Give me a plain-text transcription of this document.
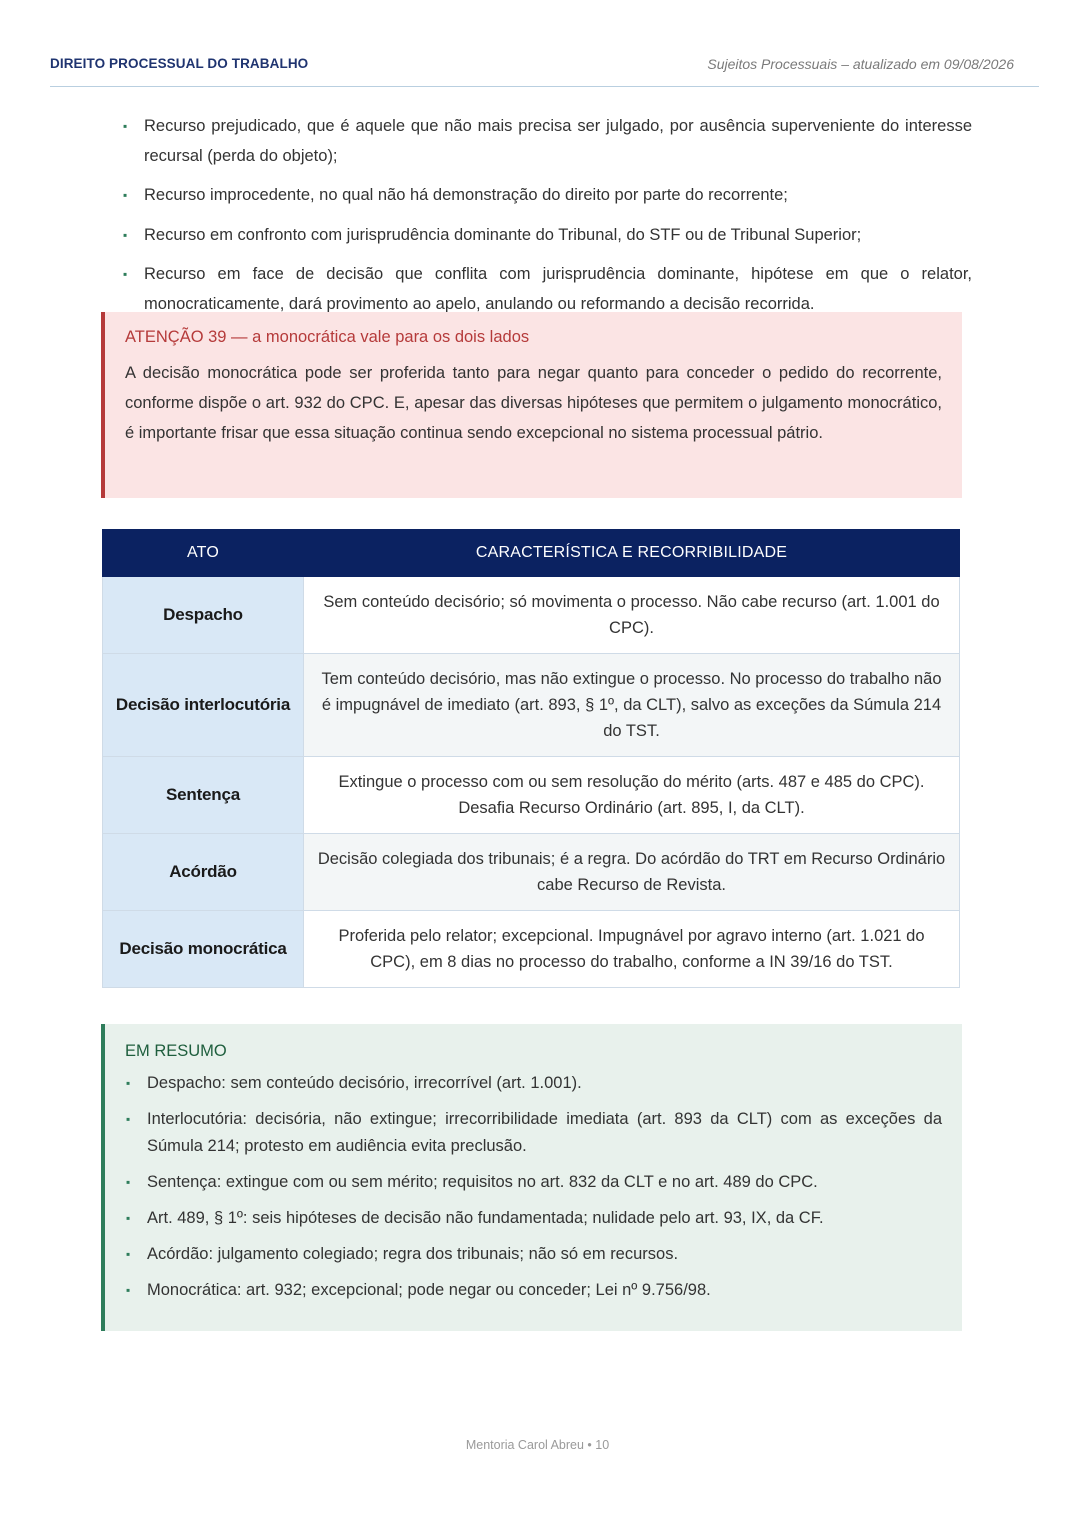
DIREITO PROCESSUAL DO TRABALHO	Sujeitos Processuais – atualizado em 09/08/2026
▪ Recurso prejudicado, que é aquele que não mais precisa ser julgado, por ausência superveniente do interesse recursal (perda do objeto);
▪ Recurso improcedente, no qual não há demonstração do direito por parte do recorrente;
▪ Recurso em confronto com jurisprudência dominante do Tribunal, do STF ou de Tribunal Superior;
▪ Recurso em face de decisão que conflita com jurisprudência dominante, hipótese em que o relator, monocraticamente, dará provimento ao apelo, anulando ou reformando a decisão recorrida.
ATENÇÃO 39 — a monocrática vale para os dois lados
A decisão monocrática pode ser proferida tanto para negar quanto para conceder o pedido do recorrente, conforme dispõe o art. 932 do CPC. E, apesar das diversas hipóteses que permitem o julgamento monocrático, é importante frisar que essa situação continua sendo excepcional no sistema processual pátrio.
ATO	CARACTERÍSTICA E RECORRIBILIDADE
Despacho	Sem conteúdo decisório; só movimenta o processo. Não cabe recurso (art. 1.001 do CPC).
Decisão interlocutória	Tem conteúdo decisório, mas não extingue o processo. No processo do trabalho não é impugnável de imediato (art. 893, § 1º, da CLT), salvo as exceções da Súmula 214 do TST.
Sentença	Extingue o processo com ou sem resolução do mérito (arts. 487 e 485 do CPC). Desafia Recurso Ordinário (art. 895, I, da CLT).
Acórdão	Decisão colegiada dos tribunais; é a regra. Do acórdão do TRT em Recurso Ordinário cabe Recurso de Revista.
Decisão monocrática	Proferida pelo relator; excepcional. Impugnável por agravo interno (art. 1.021 do CPC), em 8 dias no processo do trabalho, conforme a IN 39/16 do TST.
EM RESUMO
▪ Despacho: sem conteúdo decisório, irrecorrível (art. 1.001).
▪ Interlocutória: decisória, não extingue; irrecorribilidade imediata (art. 893 da CLT) com as exceções da Súmula 214; protesto em audiência evita preclusão.
▪ Sentença: extingue com ou sem mérito; requisitos no art. 832 da CLT e no art. 489 do CPC.
▪ Art. 489, § 1º: seis hipóteses de decisão não fundamentada; nulidade pelo art. 93, IX, da CF.
▪ Acórdão: julgamento colegiado; regra dos tribunais; não só em recursos.
▪ Monocrática: art. 932; excepcional; pode negar ou conceder; Lei nº 9.756/98.
Mentoria Carol Abreu • 10
